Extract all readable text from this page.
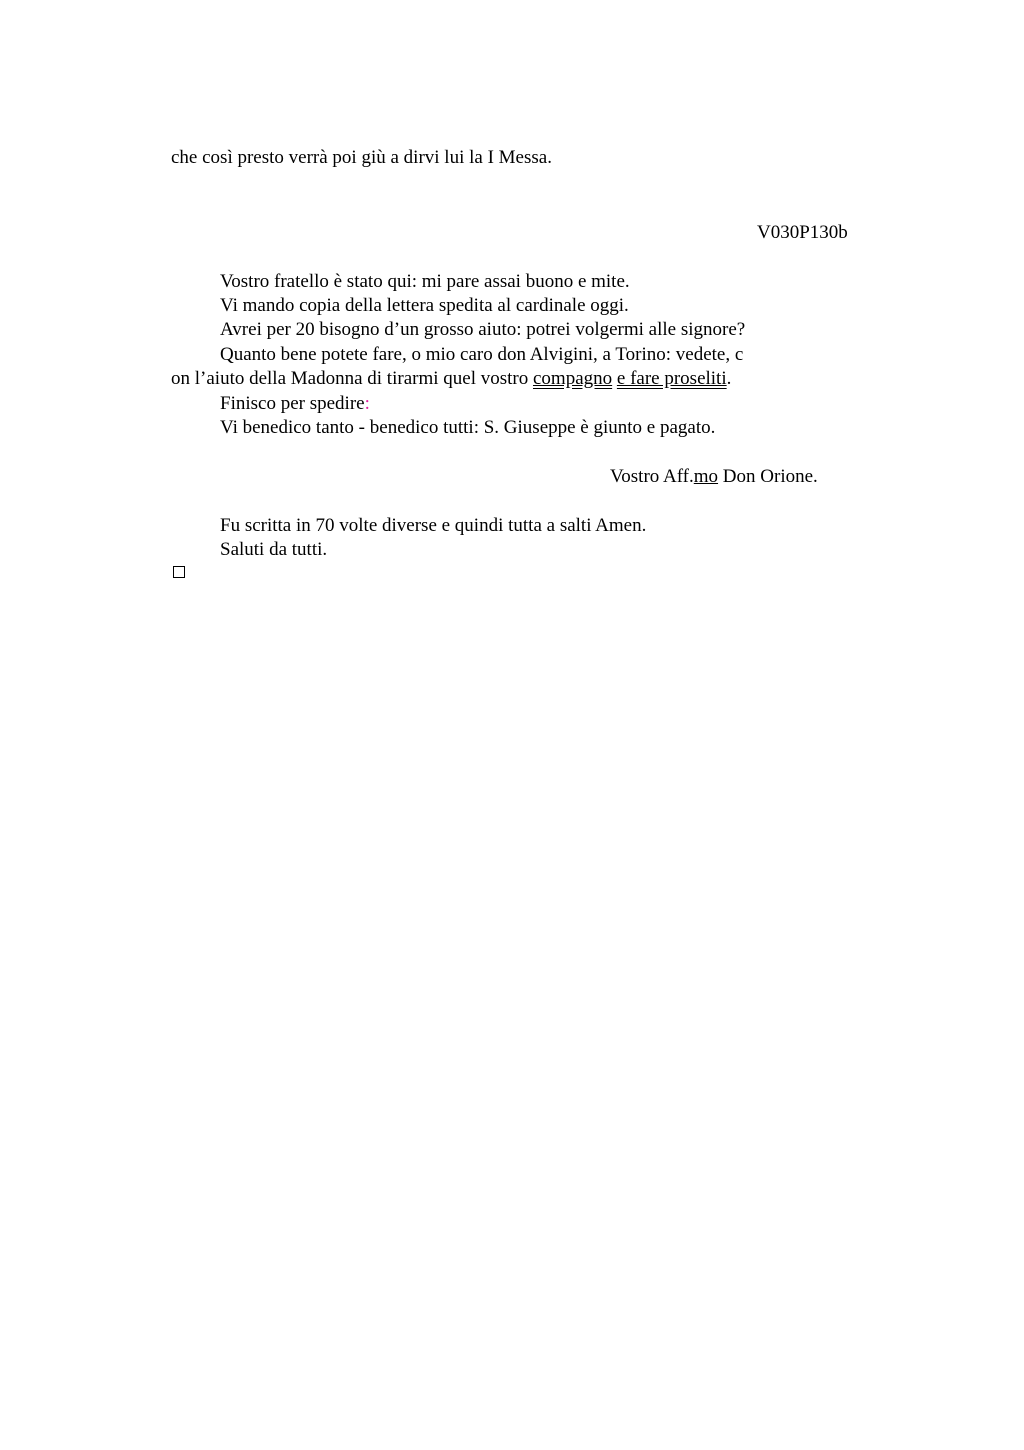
che così presto verrà poi giù a dirvi lui la I Messa.
V030P130b
Vostro fratello è stato qui: mi pare assai buono e mite.
Vi mando copia della lettera spedita al cardinale oggi.
Avrei per 20 bisogno d’un grosso aiuto: potrei volgermi alle signore?
Quanto bene potete fare, o mio caro don Alvigini, a Torino: vedete, c
on l’aiuto della Madonna di tirarmi quel vostro compagno e fare proseliti.
Finisco per spedire:
Vi benedico tanto - benedico tutti: S. Giuseppe è giunto e pagato.
Vostro Aff.mo Don Orione.
Fu scritta in 70 volte diverse e quindi tutta a salti Amen.
Saluti da tutti.
